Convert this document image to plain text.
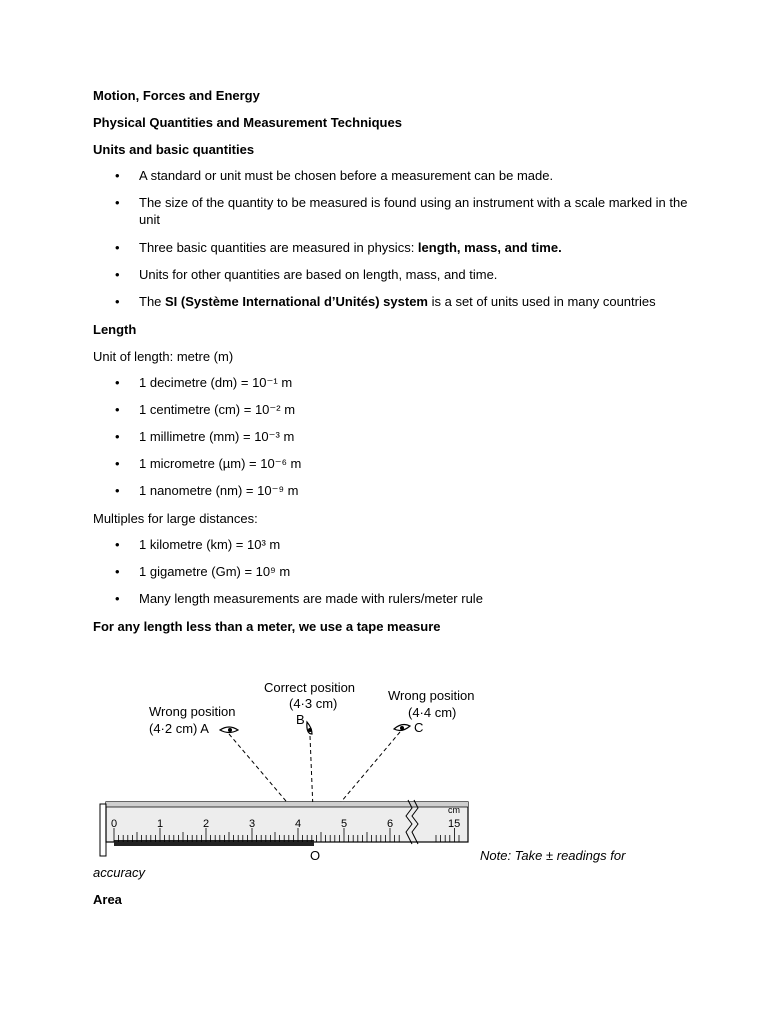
Motion, Forces and Energy

Physical Quantities and Measurement Techniques

Units and basic quantities

• A standard or unit must be chosen before a measurement can be made.
• The size of the quantity to be measured is found using an instrument with a scale marked in the unit
• Three basic quantities are measured in physics: length, mass, and time.
• Units for other quantities are based on length, mass, and time.
• The SI (Système International d’Unités) system is a set of units used in many countries

Length

Unit of length: metre (m)

• 1 decimetre (dm) = 10⁻¹ m
• 1 centimetre (cm) = 10⁻² m
• 1 millimetre (mm) = 10⁻³ m
• 1 micrometre (µm) = 10⁻⁶ m
• 1 nanometre (nm) = 10⁻⁹ m

Multiples for large distances:

• 1 kilometre (km) = 10³ m
• 1 gigametre (Gm) = 10⁹ m
• Many length measurements are made with rulers/meter rule

For any length less than a meter, we use a tape measure

Wrong position
(4·2 cm) A
Correct position
(4·3 cm)
B
Wrong position
(4·4 cm)
C
0	1	2	3	4	5	6	15
cm
O	Note: Take ± readings for
accuracy
Area
